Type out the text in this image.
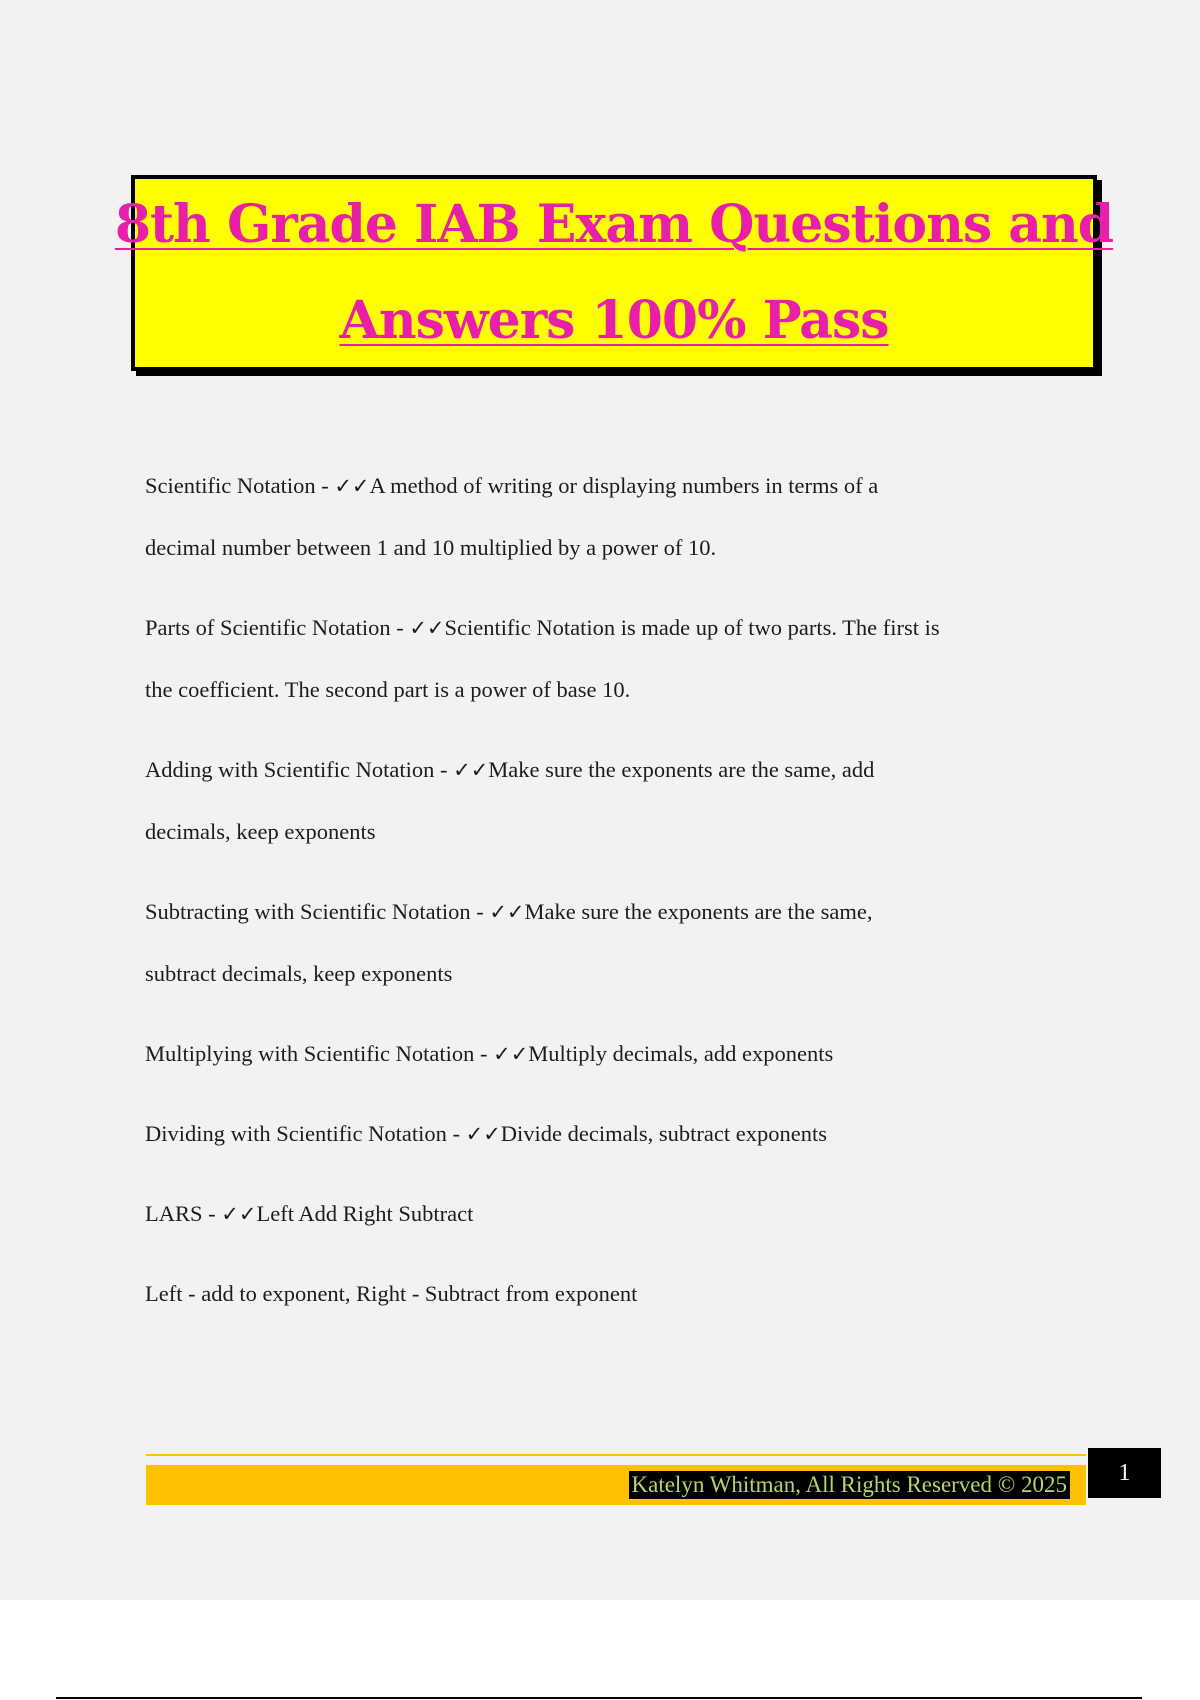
8th Grade IAB Exam Questions and
Answers 100% Pass

Scientific Notation - ✓✓A method of writing or displaying numbers in terms of a
decimal number between 1 and 10 multiplied by a power of 10.

Parts of Scientific Notation - ✓✓Scientific Notation is made up of two parts. The first is
the coefficient. The second part is a power of base 10.

Adding with Scientific Notation - ✓✓Make sure the exponents are the same, add
decimals, keep exponents

Subtracting with Scientific Notation - ✓✓Make sure the exponents are the same,
subtract decimals, keep exponents

Multiplying with Scientific Notation - ✓✓Multiply decimals, add exponents

Dividing with Scientific Notation - ✓✓Divide decimals, subtract exponents

LARS - ✓✓Left Add Right Subtract

Left - add to exponent, Right - Subtract from exponent

Katelyn Whitman, All Rights Reserved © 2025	1
